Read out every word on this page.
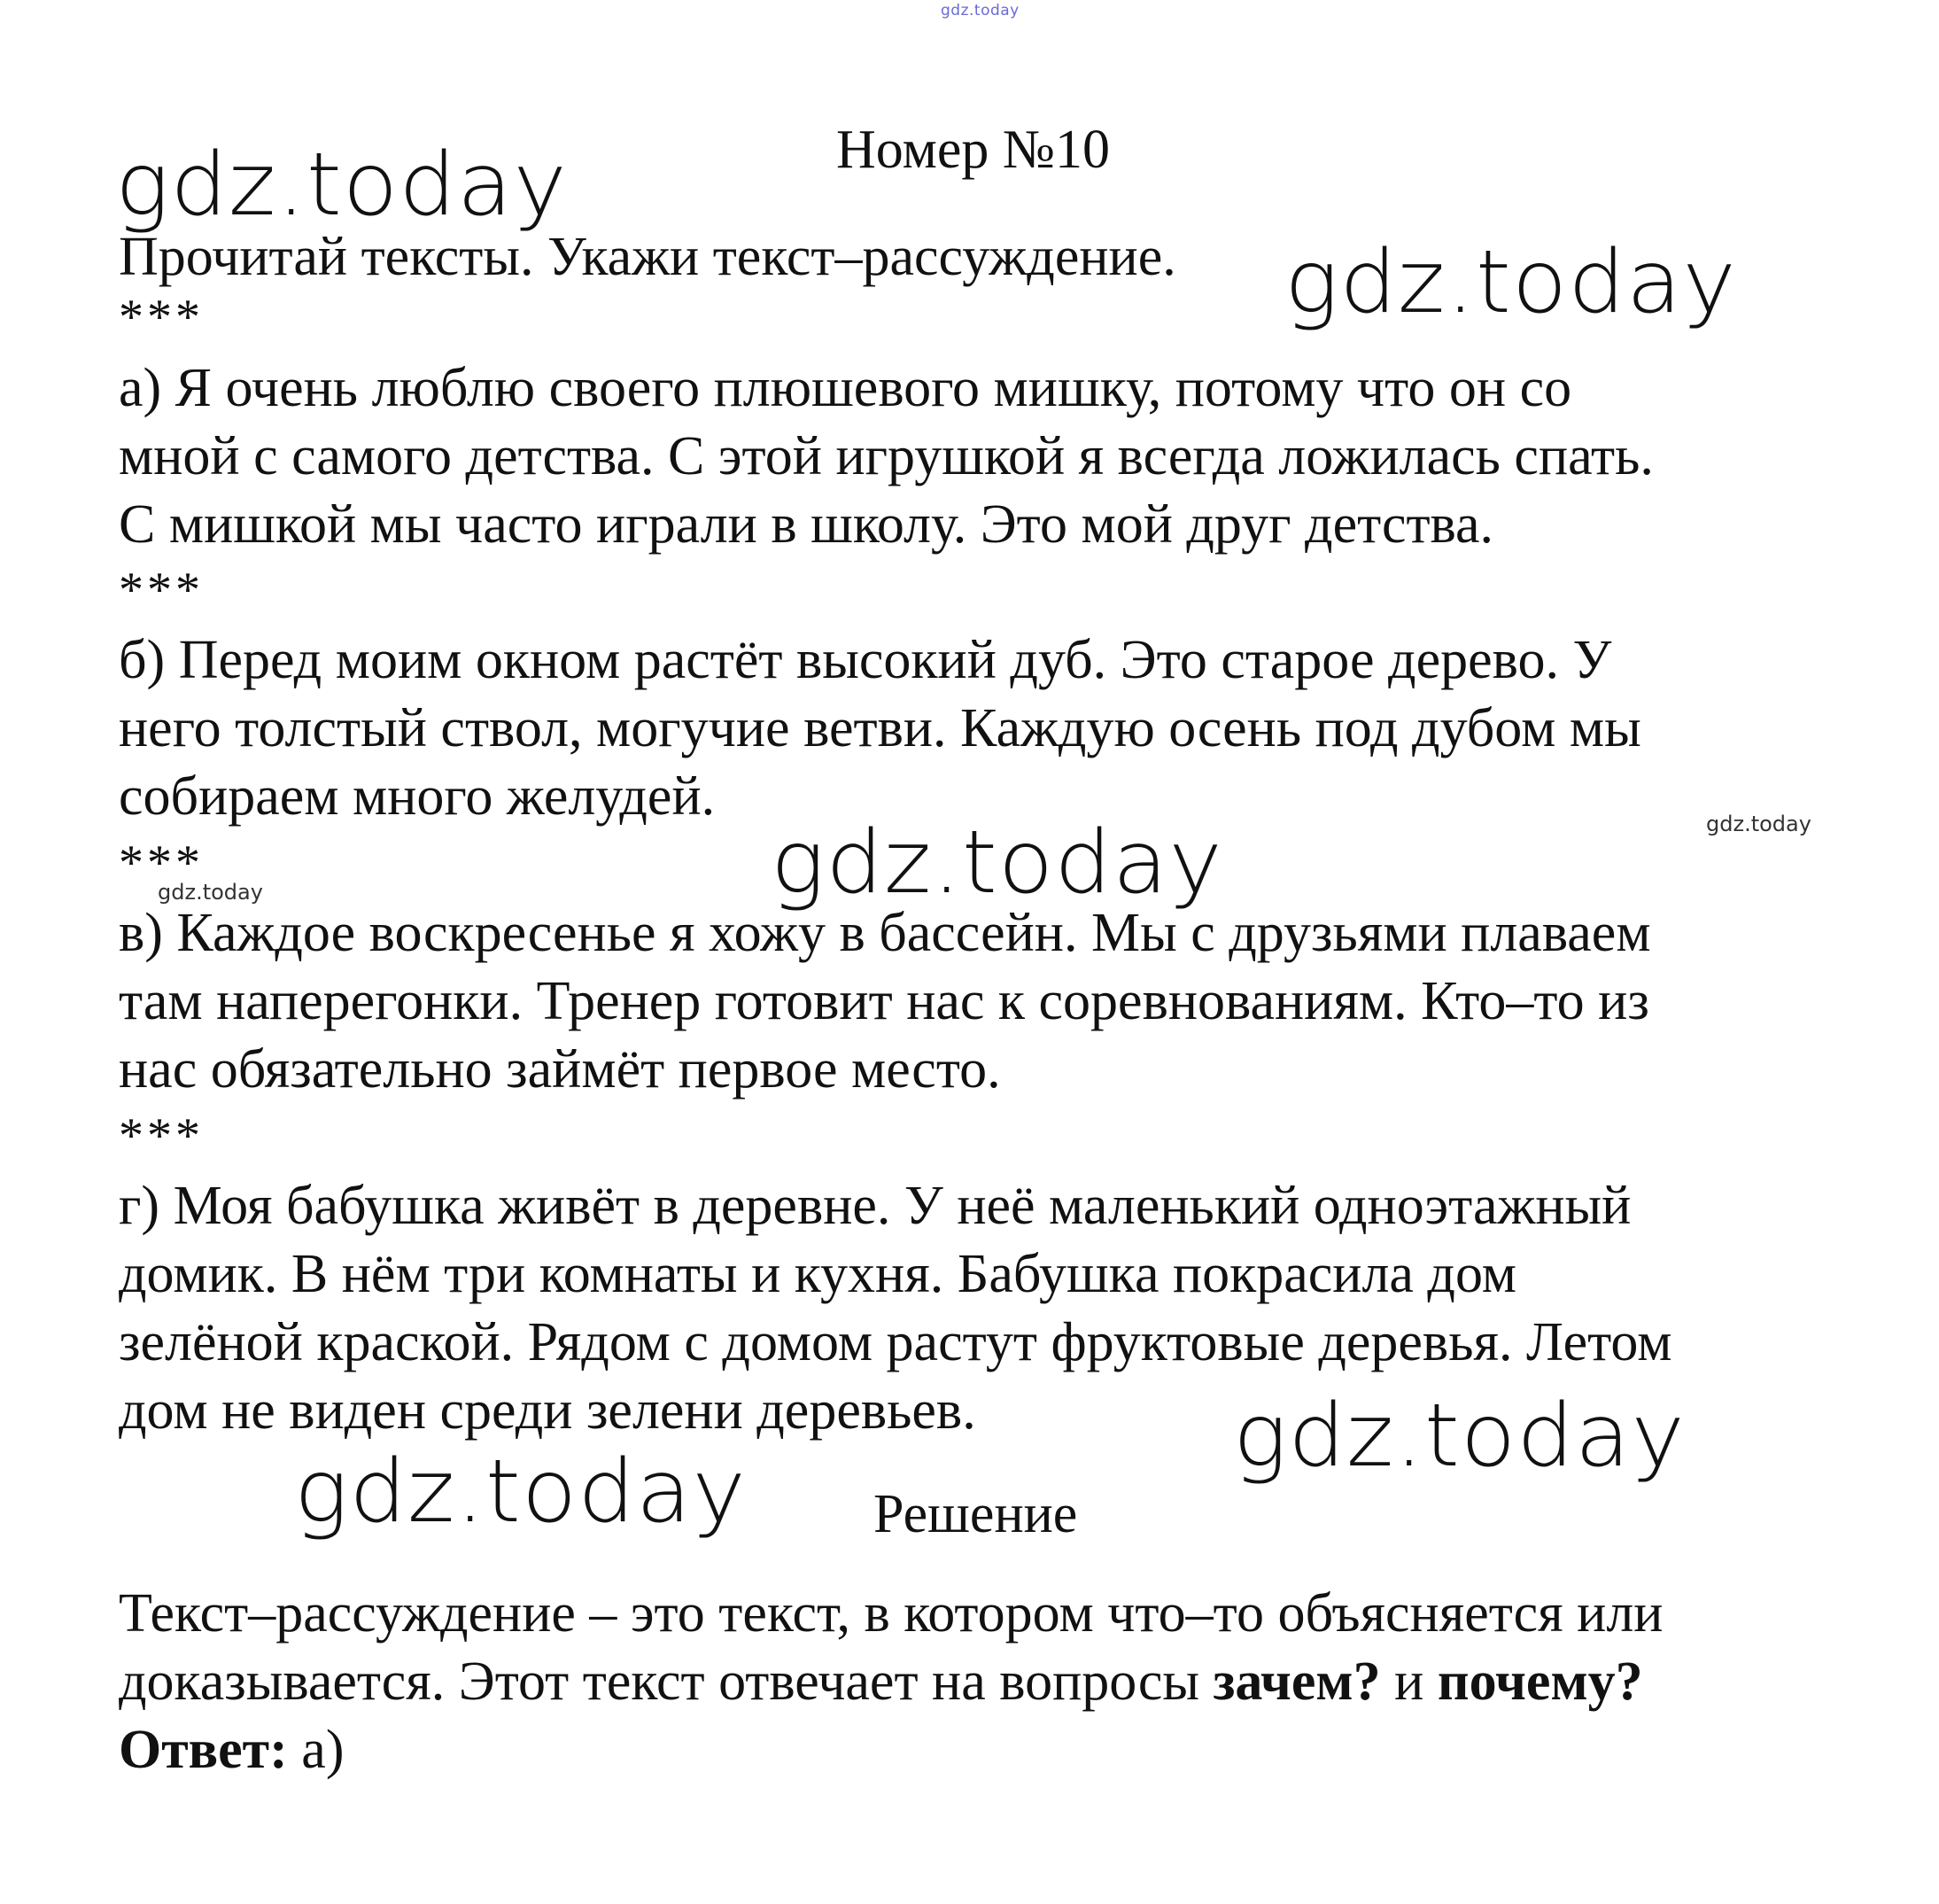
gdz.today
gdz.today
gdz.today
gdz.today
gdz.today
gdz.today
gdz.today
gdz.today
Номер №10
Прочитай тексты. Укажи текст–рассуждение.
***
а) Я очень люблю своего плюшевого мишку, потому что он со
мной с самого детства. С этой игрушкой я всегда ложилась спать.
С мишкой мы часто играли в школу. Это мой друг детства.
***
б) Перед моим окном растёт высокий дуб. Это старое дерево. У
него толстый ствол, могучие ветви. Каждую осень под дубом мы
собираем много желудей.
***
в) Каждое воскресенье я хожу в бассейн. Мы с друзьями плаваем
там наперегонки. Тренер готовит нас к соревнованиям. Кто–то из
нас обязательно займёт первое место.
***
г) Моя бабушка живёт в деревне. У неё маленький одноэтажный
домик. В нём три комнаты и кухня. Бабушка покрасила дом
зелёной краской. Рядом с домом растут фруктовые деревья. Летом
дом не виден среди зелени деревьев.
Решение
Текст–рассуждение – это текст, в котором что–то объясняется или
доказывается. Этот текст отвечает на вопросы зачем? и почему?
Ответ: а)
